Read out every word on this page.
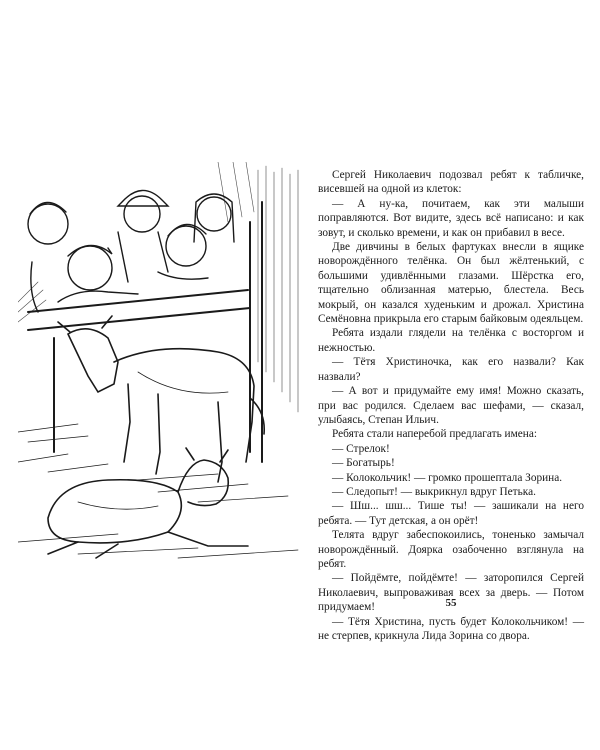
Сергей Николаевич подозвал ребят к табличке, висевшей на одной из клеток:

— А ну-ка, почитаем, как эти малыши поправляются. Вот видите, здесь всё написано: и как зовут, и сколько времени, и как он прибавил в весе.

Две дивчины в белых фартуках внесли в ящике новорождённого телёнка. Он был жёлтенький, с большими удивлёнными глазами. Шёрстка его, тщательно облизанная матерью, блестела. Весь мокрый, он казался худеньким и дрожал. Христина Семёновна прикрыла его старым байковым одеяльцем.

Ребята издали глядели на телёнка с восторгом и нежностью.

— Тётя Христиночка, как его назвали? Как назвали?

— А вот и придумайте ему имя! Можно сказать, при вас родился. Сделаем вас шефами, — сказал, улыбаясь, Степан Ильич.

Ребята стали наперебой предлагать имена:

— Стрелок!

— Богатырь!

— Колокольчик! — громко прошептала Зорина.

— Следопыт! — выкрикнул вдруг Петька.

— Шш... шш... Тише ты! — зашикали на него ребята. — Тут детская, а он орёт!

Телята вдруг забеспокоились, тоненько замычал новорождённый. Доярка озабоченно взглянула на ребят.

— Пойдёмте, пойдёмте! — заторопился Сергей Николаевич, выпроваживая всех за дверь. — Потом придумаем!

— Тётя Христина, пусть будет Колокольчиком! — не стерпев, крикнула Лида Зорина со двора.

55
